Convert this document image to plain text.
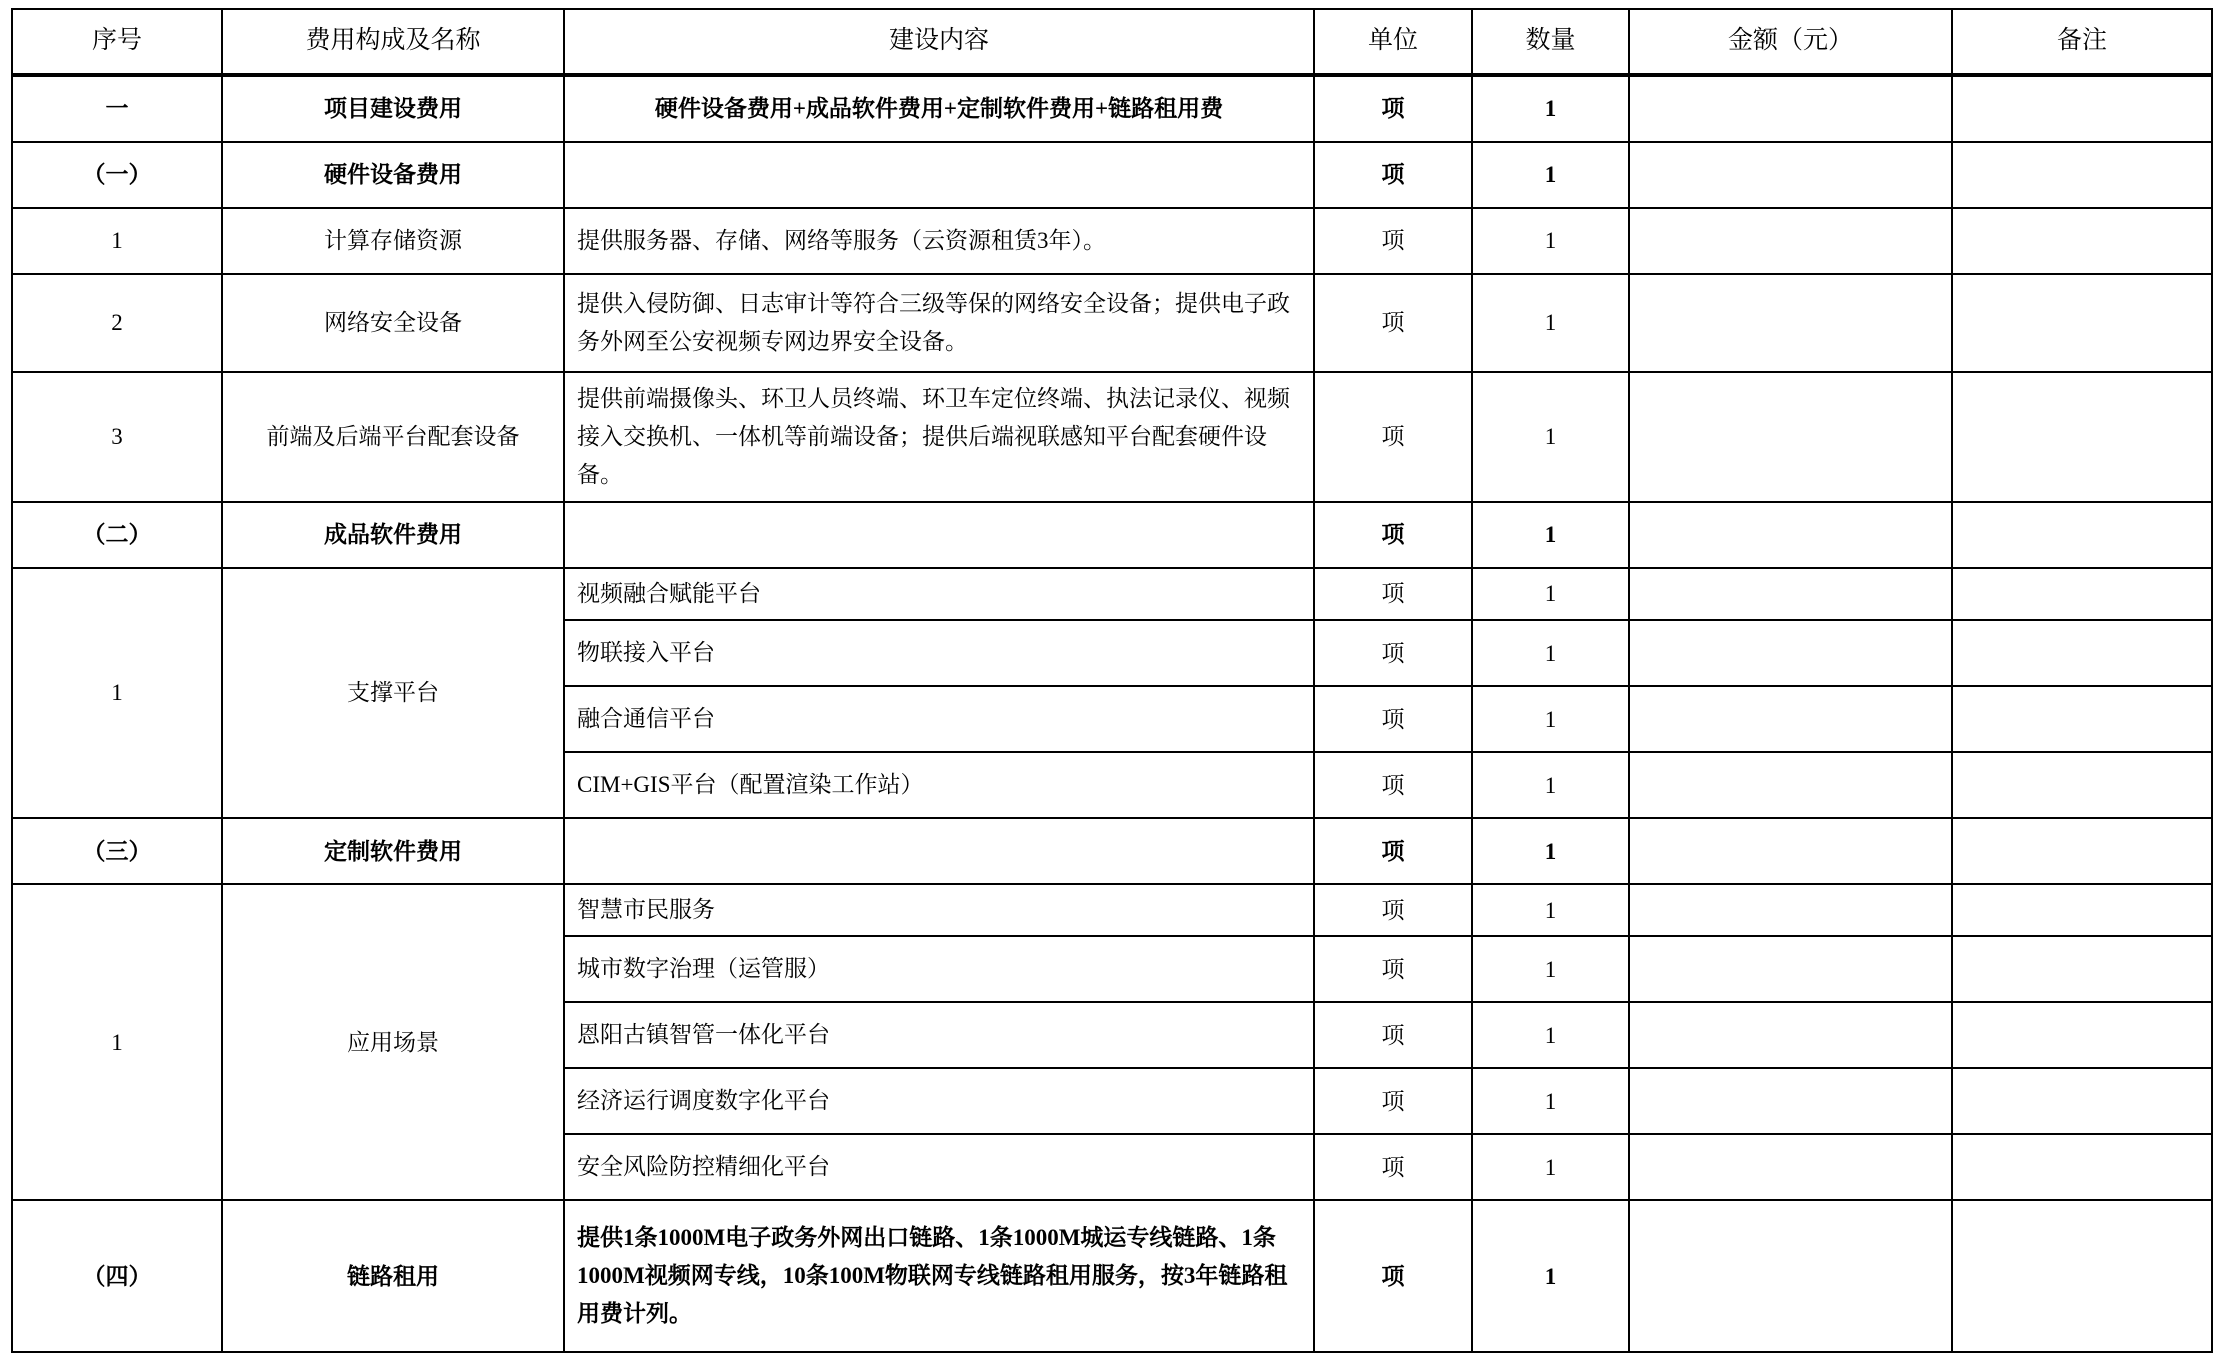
序号	费用构成及名称	建设内容	单位	数量	金额（元）	备注

一	项目建设费用	硬件设备费用+成品软件费用+定制软件费用+链路租用费	项	1		

（一）	硬件设备费用		项	1		

1	计算存储资源	提供服务器、存储、网络等服务（云资源租赁3年）。	项	1		

2	网络安全设备	提供入侵防御、日志审计等符合三级等保的网络安全设备；提供电子政务外网至公安视频专网边界安全设备。	项	1		

3	前端及后端平台配套设备	提供前端摄像头、环卫人员终端、环卫车定位终端、执法记录仪、视频接入交换机、一体机等前端设备；提供后端视联感知平台配套硬件设备。	项	1		

（二）	成品软件费用		项	1		

1	支撑平台	视频融合赋能平台	项	1		

		物联接入平台	项	1		

		融合通信平台	项	1		

		CIM+GIS平台（配置渲染工作站）	项	1		

（三）	定制软件费用		项	1		

1	应用场景	智慧市民服务	项	1		

		城市数字治理（运管服）	项	1		

		恩阳古镇智管一体化平台	项	1		

		经济运行调度数字化平台	项	1		

		安全风险防控精细化平台	项	1		

（四）	链路租用	提供1条1000M电子政务外网出口链路、1条1000M城运专线链路、1条1000M视频网专线，10条100M物联网专线链路租用服务，按3年链路租用费计列。	项	1		
